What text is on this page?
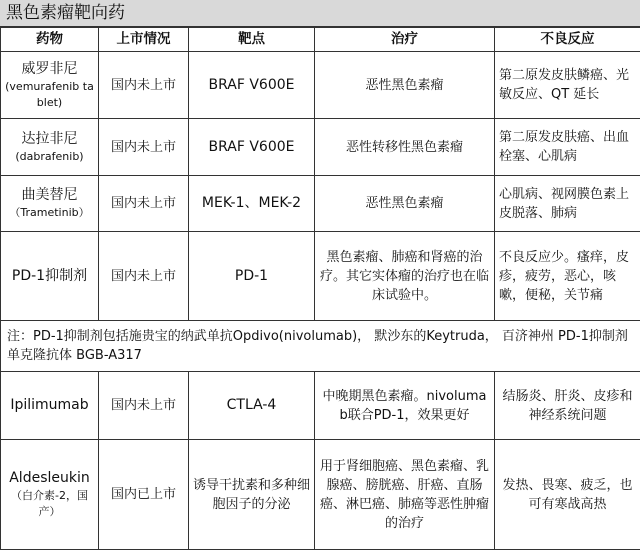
黑色素瘤靶向药
药物	上市情况	靶点	治疗	不良反应

威罗非尼
(vemurafenib tablet)	国内未上市	BRAF V600E	恶性黑色素瘤	第二原发皮肤鳞癌、光敏反应、QT 延长

达拉非尼
(dabrafenib)	国内未上市	BRAF V600E	恶性转移性黑色素瘤	第二原发皮肤癌、出血栓塞、心肌病

曲美替尼
（Trametinib）	国内未上市	MEK-1、MEK-2	恶性黑色素瘤	心肌病、视网膜色素上皮脱落、肺病

PD-1抑制剂	国内未上市	PD-1	黑色素瘤、肺癌和肾癌的治疗。其它实体瘤的治疗也在临床试验中。	不良反应少。瘙痒，皮疹，疲劳，恶心，咳嗽，便秘，关节痛
注：PD-1抑制剂包括施贵宝的纳武单抗Opdivo(nivolumab)， 默沙东的Keytruda， 百济神州 PD-1抑制剂 单克隆抗体 BGB-A317				

Ipilimumab	国内未上市	CTLA-4	中晚期黑色素瘤。nivolumab联合PD-1，效果更好	结肠炎、肝炎、皮疹和神经系统问题

Aldesleukin
（白介素-2，国产）	国内已上市	诱导干扰素和多种细胞因子的分泌	用于肾细胞癌、黑色素瘤、乳腺癌、膀胱癌、肝癌、直肠癌、淋巴癌、肺癌等恶性肿瘤的治疗	发热、畏寒、疲乏，也可有寒战高热
